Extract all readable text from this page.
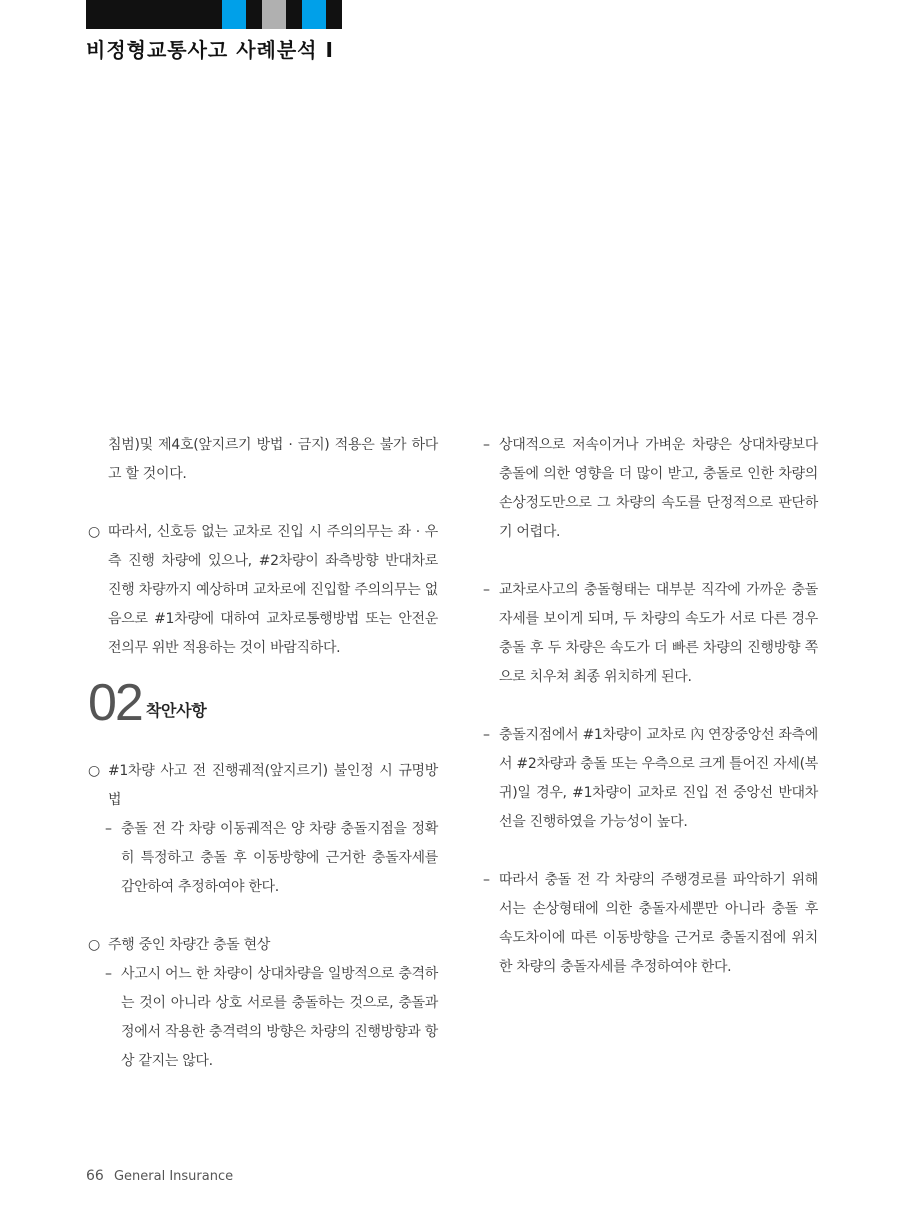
비정형교통사고 사례분석 I
침범)및 제4호(앞지르기 방법 · 금지) 적용은 불가 하다고 할 것이다.
○ 따라서, 신호등 없는 교차로 진입 시 주의의무는 좌 · 우측 진행 차량에 있으나, #2차량이 좌측방향 반대차로 진행 차량까지 예상하며 교차로에 진입할 주의의무는 없음으로 #1차량에 대하여 교차로통행방법 또는 안전운전의무 위반 적용하는 것이 바람직하다.
02 착안사항
○ #1차량 사고 전 진행궤적(앞지르기) 불인정 시 규명방법
– 충돌 전 각 차량 이동궤적은 양 차량 충돌지점을 정확히 특정하고 충돌 후 이동방향에 근거한 충돌자세를 감안하여 추정하여야 한다.
○ 주행 중인 차량간 충돌 현상
– 사고시 어느 한 차량이 상대차량을 일방적으로 충격하는 것이 아니라 상호 서로를 충돌하는 것으로, 충돌과정에서 작용한 충격력의 방향은 차량의 진행방향과 항상 같지는 않다.
– 상대적으로 저속이거나 가벼운 차량은 상대차량보다 충돌에 의한 영향을 더 많이 받고, 충돌로 인한 차량의 손상정도만으로 그 차량의 속도를 단정적으로 판단하기 어렵다.
– 교차로사고의 충돌형태는 대부분 직각에 가까운 충돌자세를 보이게 되며, 두 차량의 속도가 서로 다른 경우 충돌 후 두 차량은 속도가 더 빠른 차량의 진행방향 쪽으로 치우쳐 최종 위치하게 된다.
– 충돌지점에서 #1차량이 교차로 內 연장중앙선 좌측에서 #2차량과 충돌 또는 우측으로 크게 틀어진 자세(복귀)일 경우, #1차량이 교차로 진입 전 중앙선 반대차선을 진행하였을 가능성이 높다.
– 따라서 충돌 전 각 차량의 주행경로를 파악하기 위해서는 손상형태에 의한 충돌자세뿐만 아니라 충돌 후 속도차이에 따른 이동방향을 근거로 충돌지점에 위치한 차량의 충돌자세를 추정하여야 한다.
66 General Insurance
